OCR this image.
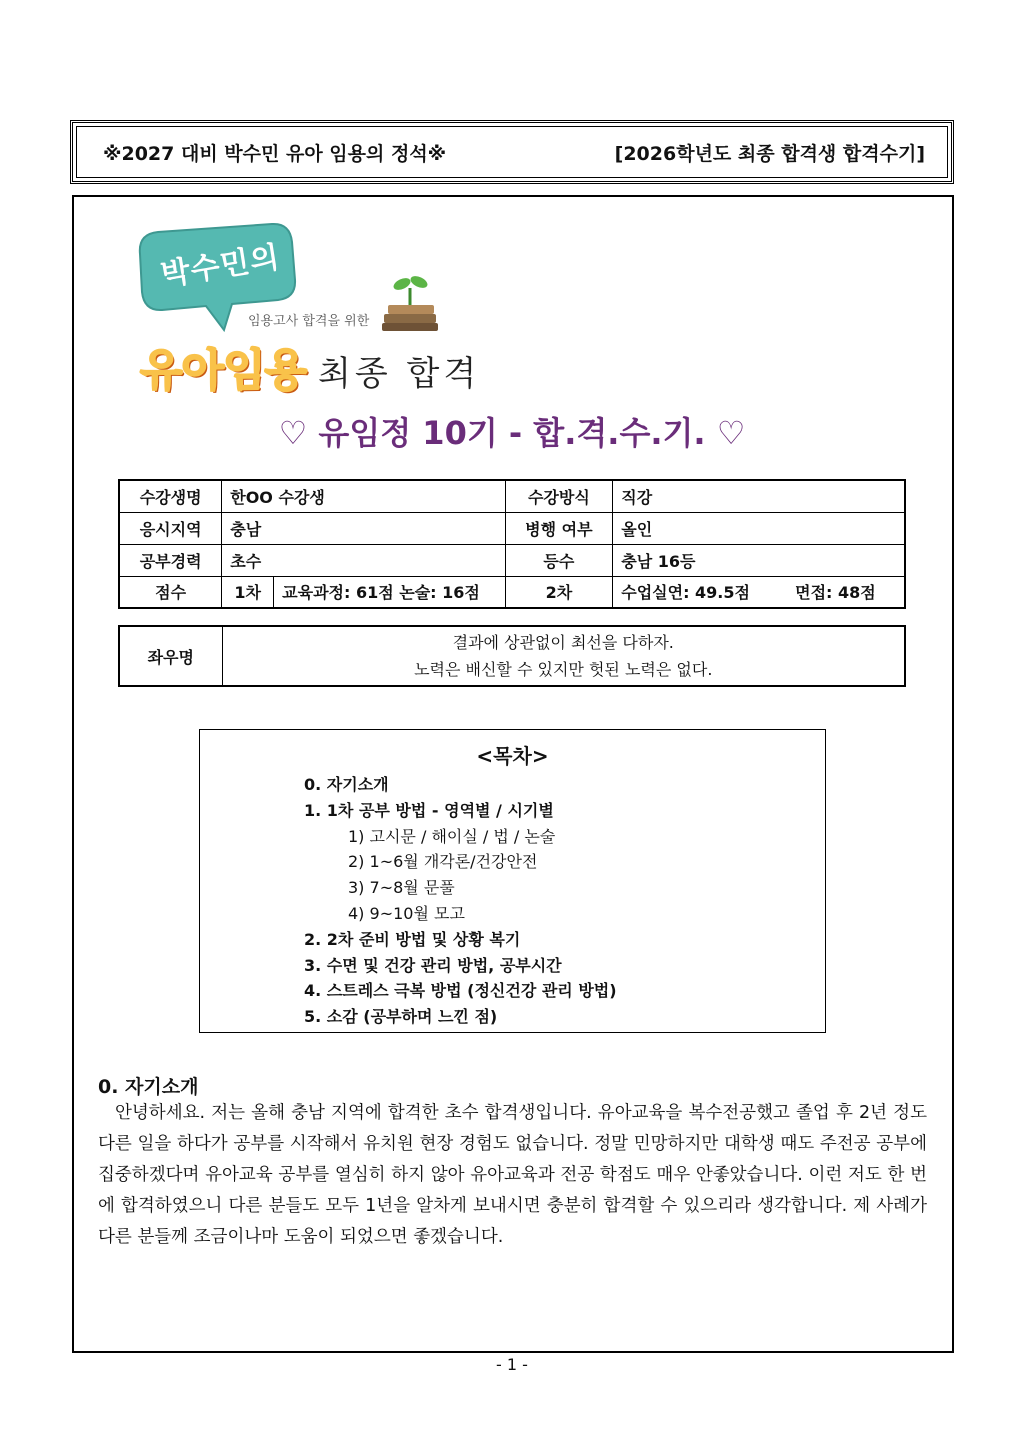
※2027 대비 박수민 유아 임용의 정석※	[2026학년도 최종 합격생 합격수기]
박수민의
임용고사 합격을 위한
유아임용 최종 합격
♡ 유임정 10기 - 합.격.수.기. ♡
수강생명	한OO 수강생		수강방식	직강
응시지역	충남		병행 여부	올인
공부경력	초수		등수	충남 16등
점수	1차	교육과정: 61점 논술: 16점	2차	수업실연: 49.5점 면접: 48점
좌우명	
결과에 상관없이 최선을 다하자.
노력은 배신할 수 있지만 헛된 노력은 없다.
<목차>
0. 자기소개
1. 1차 공부 방법 - 영역별 / 시기별
1) 고시문 / 해이실 / 법 / 논술
2) 1~6월 개각론/건강안전
3) 7~8월 문풀
4) 9~10월 모고
2. 2차 준비 방법 및 상황 복기
3. 수면 및 건강 관리 방법, 공부시간
4. 스트레스 극복 방법 (정신건강 관리 방법)
5. 소감 (공부하며 느낀 점)
0. 자기소개

안녕하세요. 저는 올해 충남 지역에 합격한 초수 합격생입니다. 유아교육을 복수전공했고 졸업 후 2년 정도 다른 일을 하다가 공부를 시작해서 유치원 현장 경험도 없습니다. 정말 민망하지만 대학생 때도 주전공 공부에 집중하겠다며 유아교육 공부를 열심히 하지 않아 유아교육과 전공 학점도 매우 안좋았습니다. 이런 저도 한 번에 합격하였으니 다른 분들도 모두 1년을 알차게 보내시면 충분히 합격할 수 있으리라 생각합니다. 제 사례가 다른 분들께 조금이나마 도움이 되었으면 좋겠습니다.

- 1 -
